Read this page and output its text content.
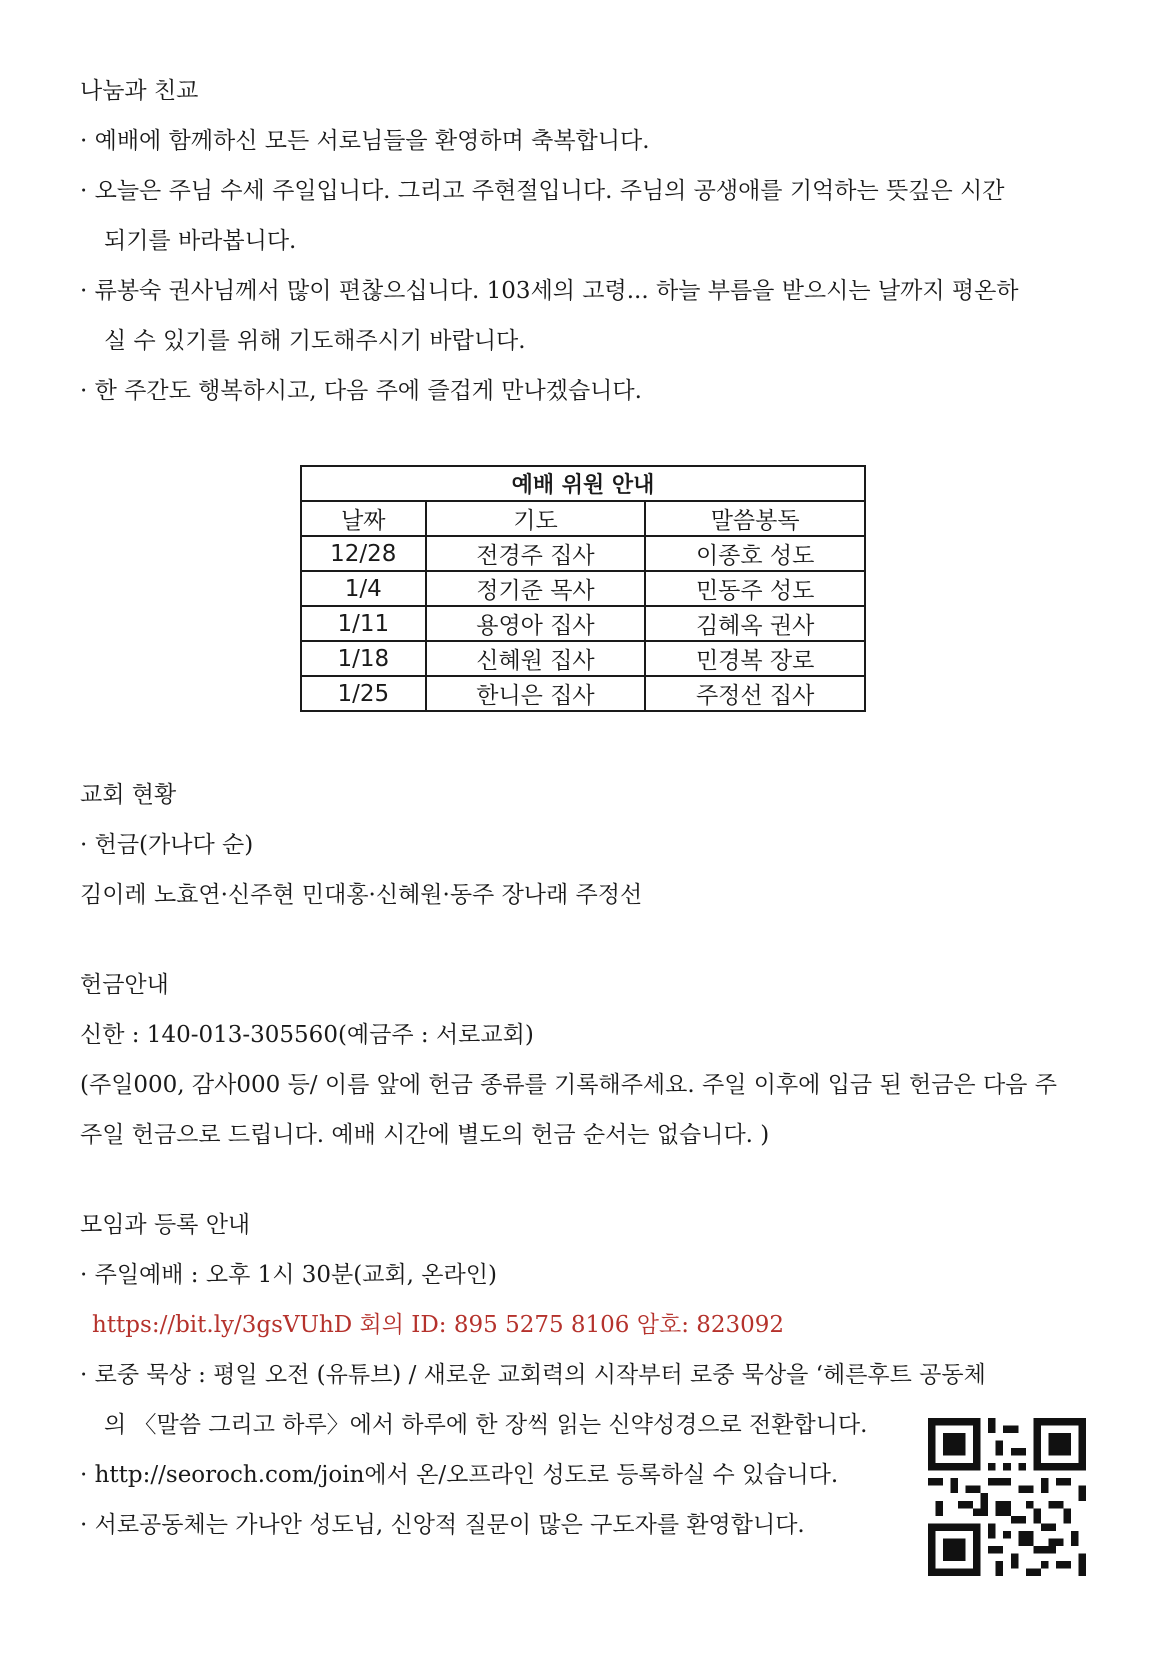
나눔과 친교
· 예배에 함께하신 모든 서로님들을 환영하며 축복합니다.
· 오늘은 주님 수세 주일입니다. 그리고 주현절입니다. 주님의 공생애를 기억하는 뜻깊은 시간
되기를 바라봅니다.
· 류봉숙 권사님께서 많이 편찮으십니다. 103세의 고령... 하늘 부름을 받으시는 날까지 평온하
실 수 있기를 위해 기도해주시기 바랍니다.
· 한 주간도 행복하시고, 다음 주에 즐겁게 만나겠습니다.
예배 위원 안내		
날짜	기도	말씀봉독
12/28	전경주 집사	이종호 성도
1/4	정기준 목사	민동주 성도
1/11	용영아 집사	김혜옥 권사
1/18	신혜원 집사	민경복 장로
1/25	한니은 집사	주정선 집사
교회 현황
· 헌금(가나다 순)
김이레 노효연·신주현 민대홍·신혜원·동주 장나래 주정선
헌금안내
신한 : 140-013-305560(예금주 : 서로교회)
(주일000, 감사000 등/ 이름 앞에 헌금 종류를 기록해주세요. 주일 이후에 입금 된 헌금은 다음 주
주일 헌금으로 드립니다. 예배 시간에 별도의 헌금 순서는 없습니다. )
모임과 등록 안내
· 주일예배 : 오후 1시 30분(교회, 온라인)
https://bit.ly/3gsVUhD 회의 ID: 895 5275 8106 암호: 823092
· 로중 묵상 : 평일 오전 (유튜브) / 새로운 교회력의 시작부터 로중 묵상을 ‘헤른후트 공동체
의 〈말씀 그리고 하루〉에서 하루에 한 장씩 읽는 신약성경으로 전환합니다.
· http://seoroch.com/join에서 온/오프라인 성도로 등록하실 수 있습니다.
· 서로공동체는 가나안 성도님, 신앙적 질문이 많은 구도자를 환영합니다.
